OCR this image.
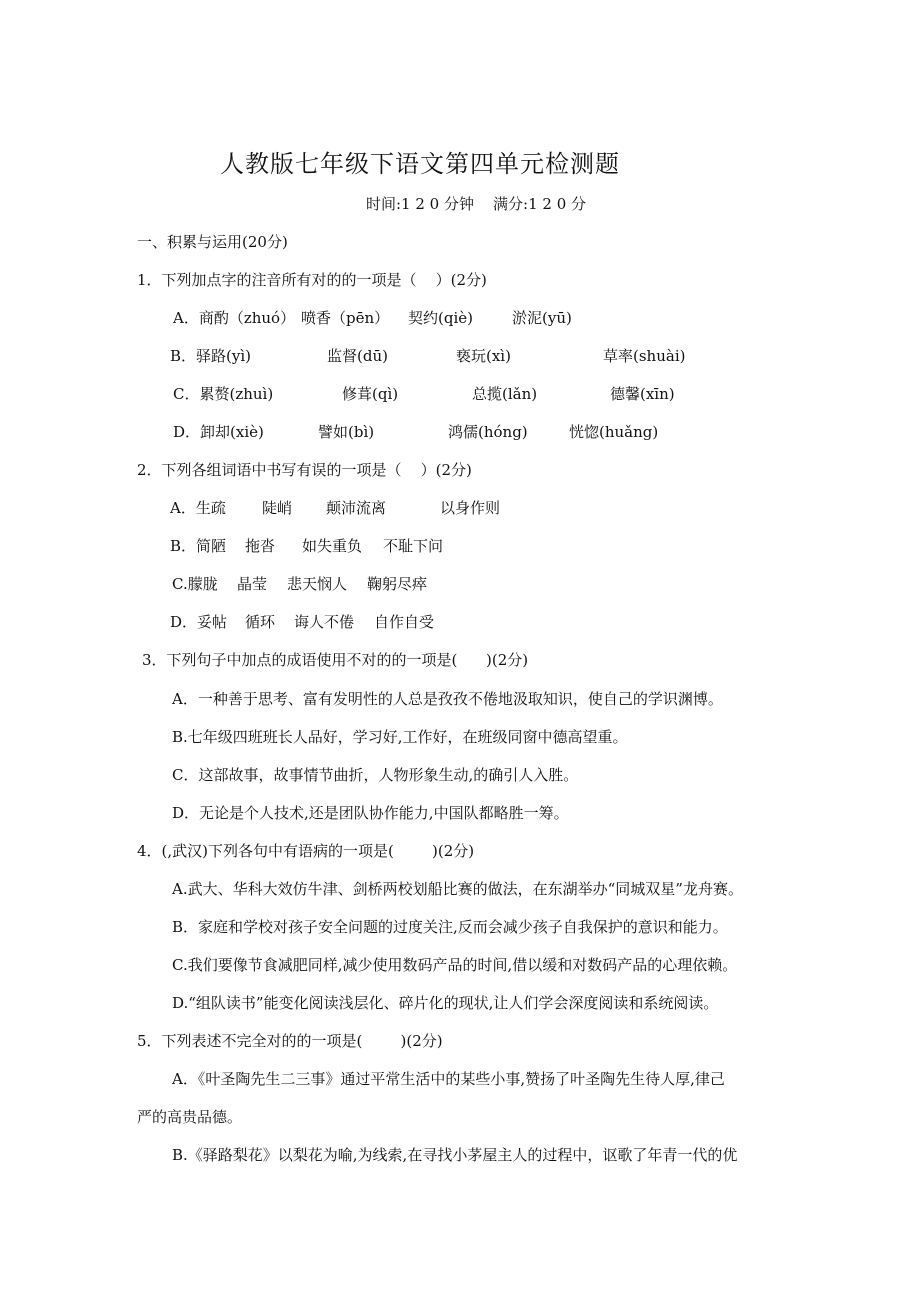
人教版七年级下语文第四单元检测题
时间:1 2 0 分钟    满分:1 2 0 分
一、积累与运用(20分)
1．下列加点字的注音所有对的的一项是（    ）(2分)
A．商酌（zhuó） 喷香（pēn） 契约(qiè)	淤泥(yū)
B．驿路(yì)	监督(dū)	亵玩(xì)	草率(shuài)
C．累赘(zhuì)	修葺(qì)	总揽(lǎn)	德馨(xīn)
D．卸却(xiè)	譬如(bì)	鸿儒(hóng)	恍惚(huǎng)
2．下列各组词语中书写有误的一项是（    ）(2分)
A．生疏 陡峭 颠沛流离	以身作则
B．简陋 拖沓 如失重负 不耻下问
C.朦胧 晶莹 悲天悯人 鞠躬尽瘁
D．妥帖 循环 诲人不倦 自作自受
3．下列句子中加点的成语使用不对的的一项是(      )(2分)
A．一种善于思考、富有发明性的人总是孜孜不倦地汲取知识，使自己的学识渊博。
B.七年级四班班长人品好，学习好,工作好，在班级同窗中德高望重。
C．这部故事，故事情节曲折，人物形象生动,的确引人入胜。
D．无论是个人技术,还是团队协作能力,中国队都略胜一筹。
4．(,武汉)下列各句中有语病的一项是(        )(2分)
A.武大、华科大效仿牛津、剑桥两校划船比赛的做法，在东湖举办“同城双星”龙舟赛。
B．家庭和学校对孩子安全问题的过度关注,反而会减少孩子自我保护的意识和能力。
C.我们要像节食减肥同样,减少使用数码产品的时间,借以缓和对数码产品的心理依赖。
D.“组队读书”能变化阅读浅层化、碎片化的现状,让人们学会深度阅读和系统阅读。
5．下列表述不完全对的的一项是(        )(2分)
A．《叶圣陶先生二三事》通过平常生活中的某些小事,赞扬了叶圣陶先生待人厚,律己
严的高贵品德。
B.《驿路梨花》以梨花为喻,为线索,在寻找小茅屋主人的过程中，讴歌了年青一代的优
